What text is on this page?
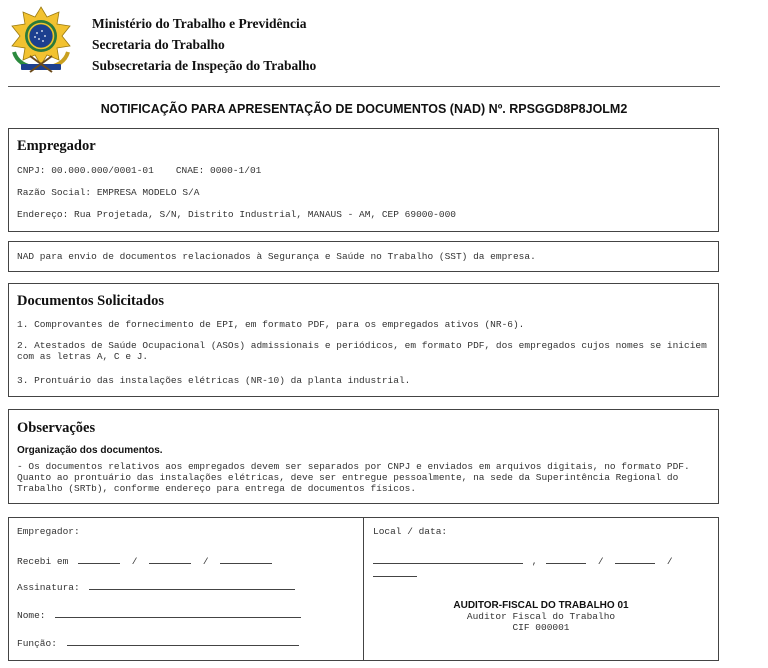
Ministério do Trabalho e Previdência
Secretaria do Trabalho
Subsecretaria de Inspeção do Trabalho
NOTIFICAÇÃO PARA APRESENTAÇÃO DE DOCUMENTOS (NAD) Nº. RPSGGD8P8JOLM2
Empregador
CNPJ: 00.000.000/0001-01 CNAE: 0000-1/01
Razão Social: EMPRESA MODELO S/A
Endereço: Rua Projetada, S/N, Distrito Industrial, MANAUS - AM, CEP 69000-000
NAD para envio de documentos relacionados à Segurança e Saúde no Trabalho (SST) da empresa.
Documentos Solicitados
1. Comprovantes de fornecimento de EPI, em formato PDF, para os empregados ativos (NR-6).
2. Atestados de Saúde Ocupacional (ASOs) admissionais e periódicos, em formato PDF, dos empregados cujos nomes se iniciem com as letras A, C e J.
3. Prontuário das instalações elétricas (NR-10) da planta industrial.
Observações
Organização dos documentos.
- Os documentos relativos aos empregados devem ser separados por CNPJ e enviados em arquivos digitais, no formato PDF. Quanto ao prontuário das instalações elétricas, deve ser entregue pessoalmente, na sede da Superintência Regional do Trabalho (SRTb), conforme endereço para entrega de documentos físicos.
Empregador:
Recebi em	/	/
Assinatura:
Nome:
Função:
Local / data:
,	/	/
AUDITOR-FISCAL DO TRABALHO 01
Auditor Fiscal do Trabalho
CIF 000001
